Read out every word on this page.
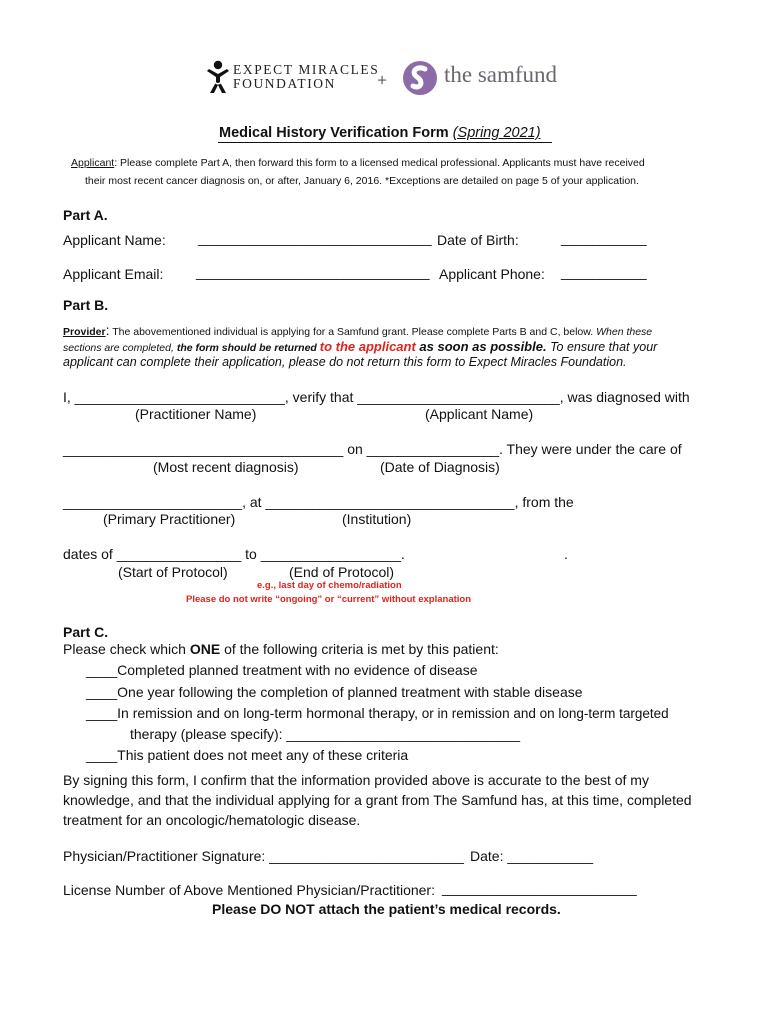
EXPECT MIRACLES
FOUNDATION	+ the samfund
Medical History Verification Form (Spring 2021)
Applicant: Please complete Part A, then forward this form to a licensed medical professional. Applicants must have received
their most recent cancer diagnosis on, or after, January 6, 2016. *Exceptions are detailed on page 5 of your application.
Part A.
Applicant Name: ______________________________ Date of Birth:	___________
Applicant Email: ______________________________ Applicant Phone: ___________
Part B.
Provider: The abovementioned individual is applying for a Samfund grant. Please complete Parts B and C, below. When these
sections are completed, the form should be returned to the applicant as soon as possible. To ensure that your
applicant can complete their application, please do not return this form to Expect Miracles Foundation.
I, ___________________________, verify that __________________________, was diagnosed with
(Practitioner Name)	(Applicant Name)
____________________________________ on _________________. They were under the care of
(Most recent diagnosis)	(Date of Diagnosis)
_______________________, at ________________________________, from the
(Primary Practitioner)	(Institution)
dates of ________________ to __________________.	.
(Start of Protocol)	(End of Protocol)
e.g., last day of chemo/radiation
Please do not write “ongoing” or “current” without explanation
Part C.
Please check which ONE of the following criteria is met by this patient:
____Completed planned treatment with no evidence of disease
____One year following the completion of planned treatment with stable disease
____In remission and on long-term hormonal therapy, or in remission and on long-term targeted
therapy (please specify): ______________________________
____This patient does not meet any of these criteria
By signing this form, I confirm that the information provided above is accurate to the best of my
knowledge, and that the individual applying for a grant from The Samfund has, at this time, completed
treatment for an oncologic/hematologic disease.
Physician/Practitioner Signature: _________________________ Date: ___________
License Number of Above Mentioned Physician/Practitioner: _________________________
Please DO NOT attach the patient’s medical records.
